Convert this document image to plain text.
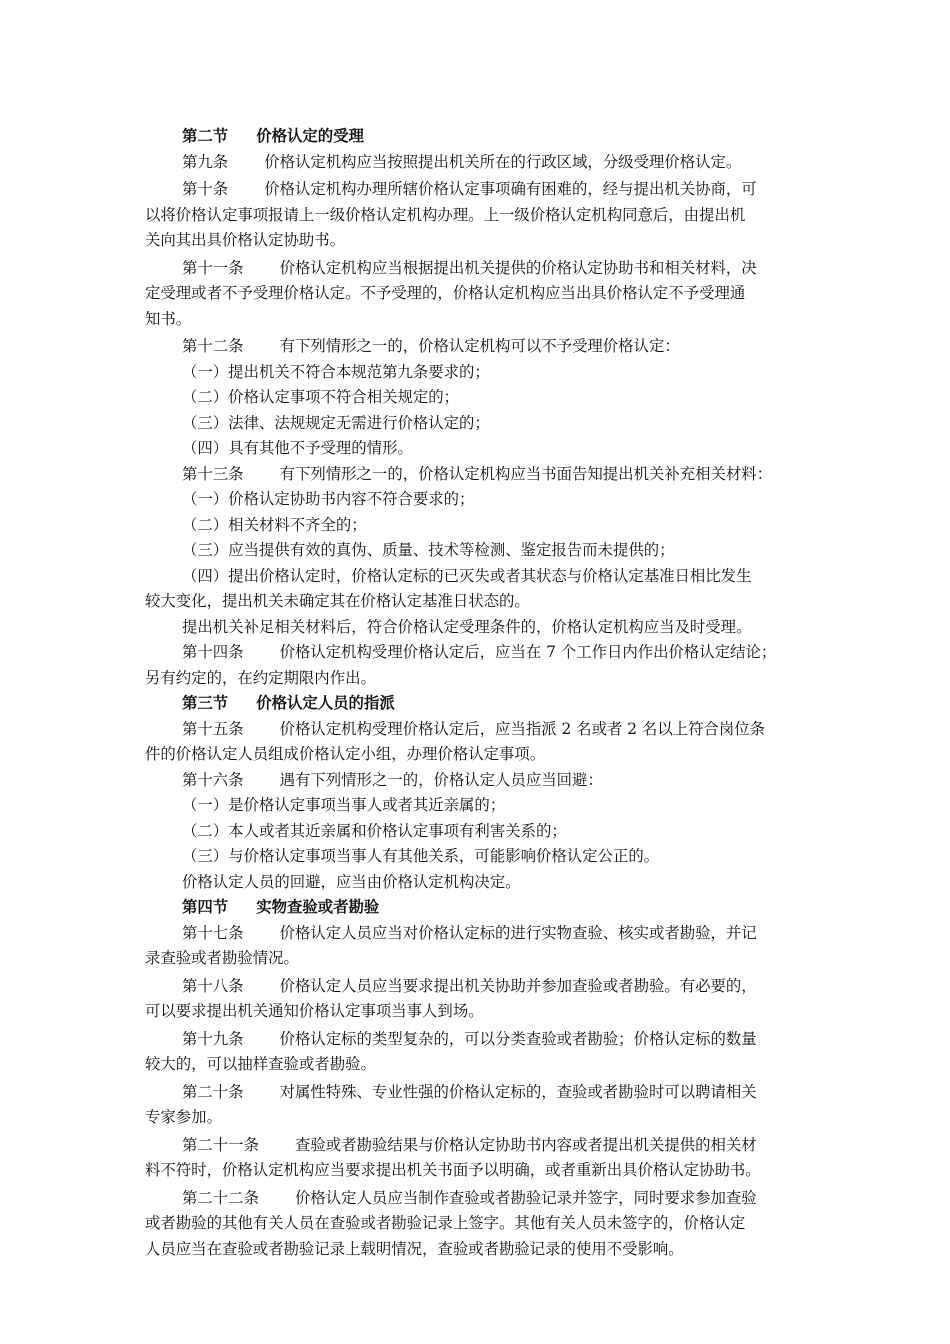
第二节 价格认定的受理
第九条 价格认定机构应当按照提出机关所在的行政区域，分级受理价格认定。
第十条 价格认定机构办理所辖价格认定事项确有困难的，经与提出机关协商，可
以将价格认定事项报请上一级价格认定机构办理。上一级价格认定机构同意后，由提出机
关向其出具价格认定协助书。
第十一条 价格认定机构应当根据提出机关提供的价格认定协助书和相关材料，决
定受理或者不予受理价格认定。不予受理的，价格认定机构应当出具价格认定不予受理通
知书。
第十二条 有下列情形之一的，价格认定机构可以不予受理价格认定：
（一）提出机关不符合本规范第九条要求的；
（二）价格认定事项不符合相关规定的；
（三）法律、法规规定无需进行价格认定的；
（四）具有其他不予受理的情形。
第十三条 有下列情形之一的，价格认定机构应当书面告知提出机关补充相关材料：
（一）价格认定协助书内容不符合要求的；
（二）相关材料不齐全的；
（三）应当提供有效的真伪、质量、技术等检测、鉴定报告而未提供的；
（四）提出价格认定时，价格认定标的已灭失或者其状态与价格认定基准日相比发生
较大变化，提出机关未确定其在价格认定基准日状态的。
提出机关补足相关材料后，符合价格认定受理条件的，价格认定机构应当及时受理。
第十四条 价格认定机构受理价格认定后，应当在 7 个工作日内作出价格认定结论；
另有约定的，在约定期限内作出。
第三节 价格认定人员的指派
第十五条 价格认定机构受理价格认定后，应当指派 2 名或者 2 名以上符合岗位条
件的价格认定人员组成价格认定小组，办理价格认定事项。
第十六条 遇有下列情形之一的，价格认定人员应当回避：
（一）是价格认定事项当事人或者其近亲属的；
（二）本人或者其近亲属和价格认定事项有利害关系的；
（三）与价格认定事项当事人有其他关系，可能影响价格认定公正的。
价格认定人员的回避，应当由价格认定机构决定。
第四节 实物查验或者勘验
第十七条 价格认定人员应当对价格认定标的进行实物查验、核实或者勘验，并记
录查验或者勘验情况。
第十八条 价格认定人员应当要求提出机关协助并参加查验或者勘验。有必要的，
可以要求提出机关通知价格认定事项当事人到场。
第十九条 价格认定标的类型复杂的，可以分类查验或者勘验；价格认定标的数量
较大的，可以抽样查验或者勘验。
第二十条 对属性特殊、专业性强的价格认定标的，查验或者勘验时可以聘请相关
专家参加。
第二十一条 查验或者勘验结果与价格认定协助书内容或者提出机关提供的相关材
料不符时，价格认定机构应当要求提出机关书面予以明确，或者重新出具价格认定协助书。
第二十二条 价格认定人员应当制作查验或者勘验记录并签字，同时要求参加查验
或者勘验的其他有关人员在查验或者勘验记录上签字。其他有关人员未签字的，价格认定
人员应当在查验或者勘验记录上载明情况，查验或者勘验记录的使用不受影响。
